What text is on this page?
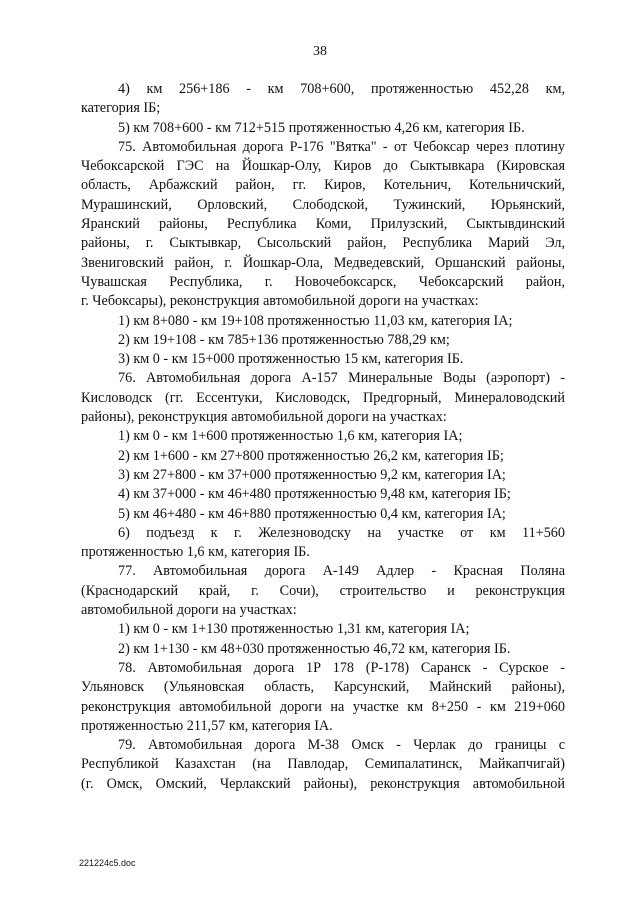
38
4) км 256+186 - км 708+600, протяженностью 452,28 км,
категория IБ;
5) км 708+600 - км 712+515 протяженностью 4,26 км, категория IБ.
75. Автомобильная дорога Р-176 "Вятка" - от Чебоксар через плотину
Чебоксарской ГЭС на Йошкар-Олу, Киров до Сыктывкара (Кировская
область, Арбажский район, гг. Киров, Котельнич, Котельничский,
Мурашинский, Орловский, Слободской, Тужинский, Юрьянский,
Яранский районы, Республика Коми, Прилузский, Сыктывдинский
районы, г. Сыктывкар, Сысольский район, Республика Марий Эл,
Звениговский район, г. Йошкар-Ола, Медведевский, Оршанский районы,
Чувашская Республика, г. Новочебоксарск, Чебоксарский район,
г. Чебоксары), реконструкция автомобильной дороги на участках:
1) км 8+080 - км 19+108 протяженностью 11,03 км, категория IА;
2) км 19+108 - км 785+136 протяженностью 788,29 км;
3) км 0 - км 15+000 протяженностью 15 км, категория IБ.
76. Автомобильная дорога А-157 Минеральные Воды (аэропорт) -
Кисловодск (гг. Ессентуки, Кисловодск, Предгорный, Минераловодский
районы), реконструкция автомобильной дороги на участках:
1) км 0 - км 1+600 протяженностью 1,6 км, категория IА;
2) км 1+600 - км 27+800 протяженностью 26,2 км, категория IБ;
3) км 27+800 - км 37+000 протяженностью 9,2 км, категория IА;
4) км 37+000 - км 46+480 протяженностью 9,48 км, категория IБ;
5) км 46+480 - км 46+880 протяженностью 0,4 км, категория IА;
6) подъезд к г. Железноводску на участке от км 11+560
протяженностью 1,6 км, категория IБ.
77. Автомобильная дорога А-149 Адлер - Красная Поляна
(Краснодарский край, г. Сочи), строительство и реконструкция
автомобильной дороги на участках:
1) км 0 - км 1+130 протяженностью 1,31 км, категория IА;
2) км 1+130 - км 48+030 протяженностью 46,72 км, категория IБ.
78. Автомобильная дорога 1Р 178 (Р-178) Саранск - Сурское -
Ульяновск (Ульяновская область, Карсунский, Майнский районы),
реконструкция автомобильной дороги на участке км 8+250 - км 219+060
протяженностью 211,57 км, категория IА.
79. Автомобильная дорога М-38 Омск - Черлак до границы с
Республикой Казахстан (на Павлодар, Семипалатинск, Майкапчигай)
(г. Омск, Омский, Черлакский районы), реконструкция автомобильной
221224c5.doc
